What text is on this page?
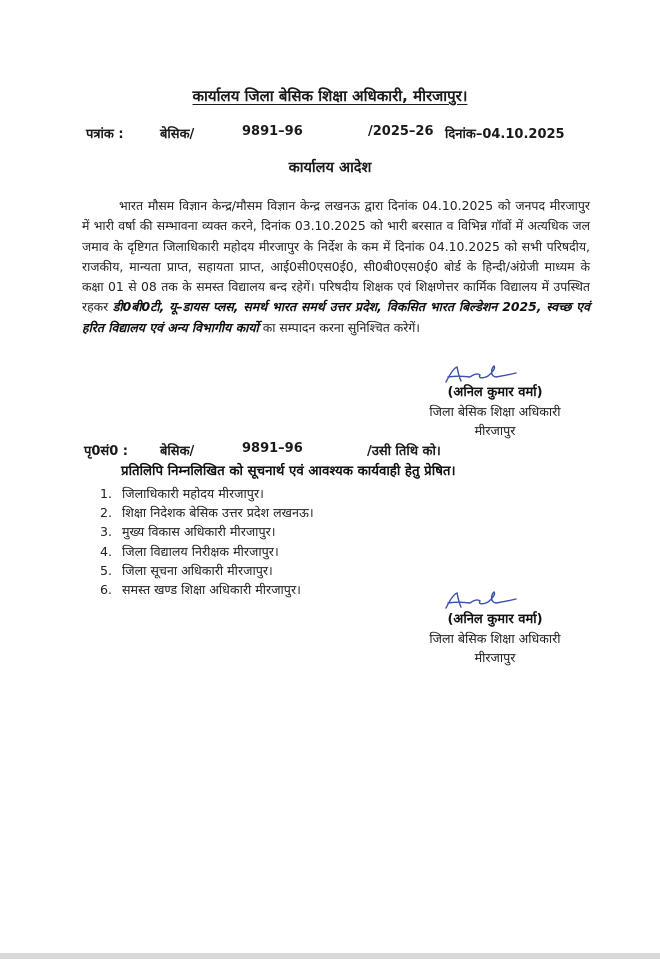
कार्यालय जिला बेसिक शिक्षा अधिकारी, मीरजापुर।
पत्रांक :	बेसिक/	9891–96	/2025–26 दिनांक–04.10.2025
कार्यालय आदेश
भारत मौसम विज्ञान केन्द्र/मौसम विज्ञान केन्द्र लखनऊ द्वारा दिनांक 04.10.2025 को जनपद मीरजापुर में भारी वर्षा की सम्भावना व्यक्त करने, दिनांक 03.10.2025 को भारी बरसात व विभिन्न गॉवों में अत्यधिक जल जमाव के दृष्टिगत जिलाधिकारी महोदय मीरजापुर के निर्देश के कम में दिनांक 04.10.2025 को सभी परिषदीय, राजकीय, मान्यता प्राप्त, सहायता प्राप्त, आई0सी0एस0ई0, सी0बी0एस0ई0 बोर्ड के हिन्दी/अंग्रेजी माध्यम के कक्षा 01 से 08 तक के समस्त विद्यालय बन्द रहेगें। परिषदीय शिक्षक एवं शिक्षणेत्तर कार्मिक विद्यालय में उपस्थित रहकर डी0बी0टी, यू–डायस प्लस, समर्थ भारत समर्थ उत्तर प्रदेश, विकसित भारत बिल्डेशन 2025, स्वच्छ एवं हरित विद्यालय एवं अन्य विभागीय कार्यो का सम्पादन करना सुनिश्चित करेगें।
(अनिल कुमार वर्मा)
जिला बेसिक शिक्षा अधिकारी
मीरजापुर
पृ0सं0 : बेसिक/	9891–96	/उसी तिथि को।
प्रतिलिपि निम्नलिखित को सूचनार्थ एवं आवश्यक कार्यवाही हेतु प्रेषित।
1. जिलाधिकारी महोदय मीरजापुर।
2. शिक्षा निदेशक बेसिक उत्तर प्रदेश लखनऊ।
3. मुख्य विकास अधिकारी मीरजापुर।
4. जिला विद्यालय निरीक्षक मीरजापुर।
5. जिला सूचना अधिकारी मीरजापुर।
6. समस्त खण्ड शिक्षा अधिकारी मीरजापुर।
(अनिल कुमार वर्मा)
जिला बेसिक शिक्षा अधिकारी
मीरजापुर
